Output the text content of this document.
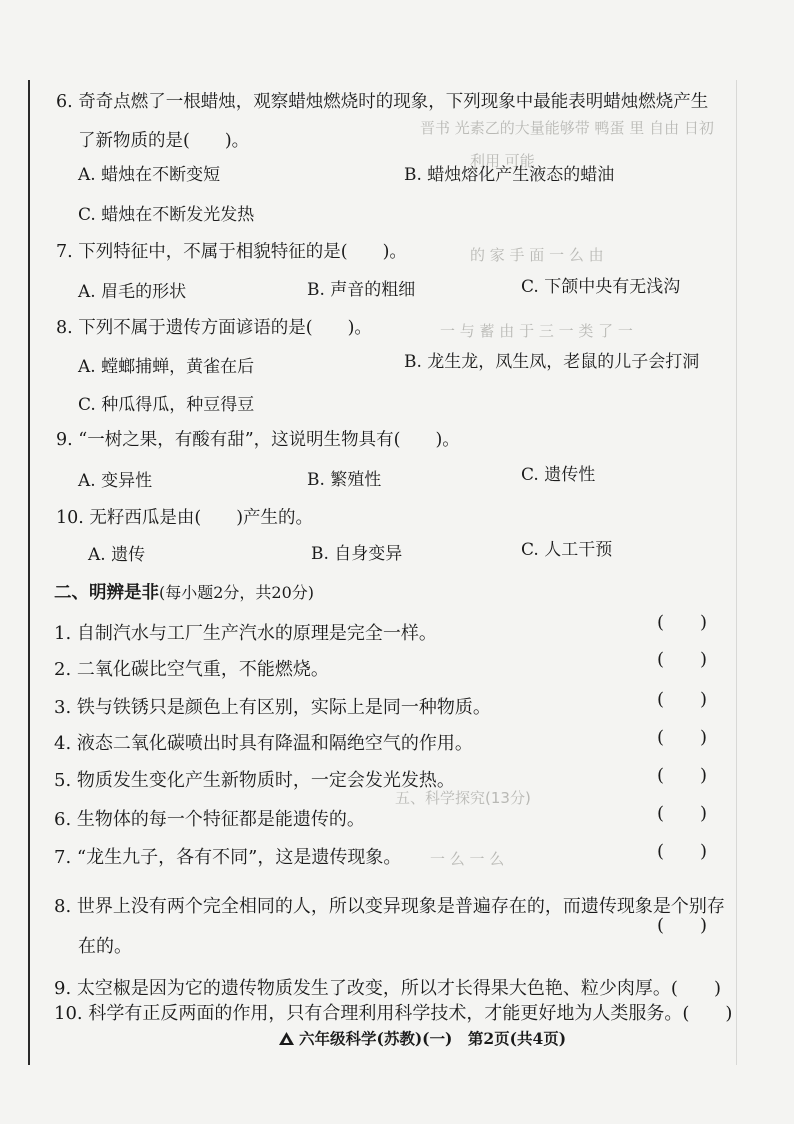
晋书 光素乙的大量能够带 鸭蛋 里 自由 日初
利用 可能
的 家 手 面 一 么 由
一 与 蓄 由 于 三 一 类 了 一
五、科学探究(13分)
一 么 一 么
6. 奇奇点燃了一根蜡烛，观察蜡烛燃烧时的现象，下列现象中最能表明蜡烛燃烧产生
了新物质的是(　　)。
A. 蜡烛在不断变短	B. 蜡烛熔化产生液态的蜡油
C. 蜡烛在不断发光发热
7. 下列特征中，不属于相貌特征的是(　　)。
A. 眉毛的形状	B. 声音的粗细	C. 下颌中央有无浅沟
8. 下列不属于遗传方面谚语的是(　　)。
A. 螳螂捕蝉，黄雀在后	B. 龙生龙，凤生凤，老鼠的儿子会打洞
C. 种瓜得瓜，种豆得豆
9. “一树之果，有酸有甜”，这说明生物具有(　　)。
A. 变异性	B. 繁殖性	C. 遗传性
10. 无籽西瓜是由(　　)产生的。
A. 遗传	B. 自身变异	C. 人工干预
二、明辨是非(每小题2分，共20分)
1. 自制汽水与工厂生产汽水的原理是完全一样。
(　　)
2. 二氧化碳比空气重，不能燃烧。	(　　)
3. 铁与铁锈只是颜色上有区别，实际上是同一种物质。	(　　)
4. 液态二氧化碳喷出时具有降温和隔绝空气的作用。	(　　)
5. 物质发生变化产生新物质时，一定会发光发热。	(　　)
6. 生物体的每一个特征都是能遗传的。	(　　)
7. “龙生九子，各有不同”，这是遗传现象。	(　　)
8. 世界上没有两个完全相同的人，所以变异现象是普遍存在的，而遗传现象是个别存
(　　)
在的。
9. 太空椒是因为它的遗传物质发生了改变，所以才长得果大色艳、粒少肉厚。(　　)
10. 科学有正反两面的作用，只有合理利用科学技术，才能更好地为人类服务。(　　)
六年级科学(苏教)(一)　第2页(共4页)
